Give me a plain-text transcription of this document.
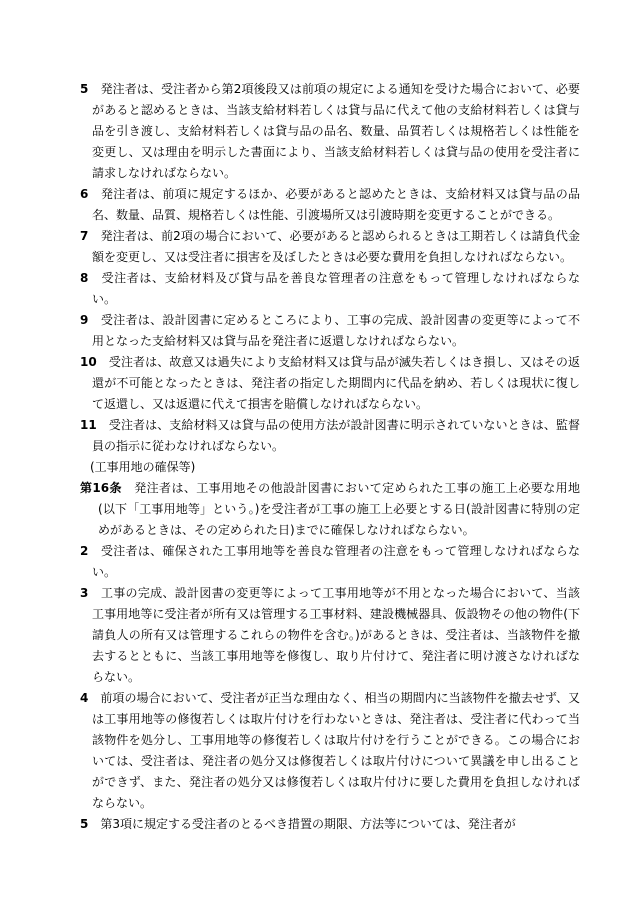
5　発注者は、受注者から第2項後段又は前項の規定による通知を受けた場合において、必要があると認めるときは、当該支給材料若しくは貸与品に代えて他の支給材料若しくは貸与品を引き渡し、支給材料若しくは貸与品の品名、数量、品質若しくは規格若しくは性能を変更し、又は理由を明示した書面により、当該支給材料若しくは貸与品の使用を受注者に請求しなければならない。

6　発注者は、前項に規定するほか、必要があると認めたときは、支給材料又は貸与品の品名、数量、品質、規格若しくは性能、引渡場所又は引渡時期を変更することができる。

7　発注者は、前2項の場合において、必要があると認められるときは工期若しくは請負代金額を変更し、又は受注者に損害を及ぼしたときは必要な費用を負担しなければならない。

8　受注者は、支給材料及び貸与品を善良な管理者の注意をもって管理しなければならない。

9　受注者は、設計図書に定めるところにより、工事の完成、設計図書の変更等によって不用となった支給材料又は貸与品を発注者に返還しなければならない。

10　受注者は、故意又は過失により支給材料又は貸与品が滅失若しくはき損し、又はその返還が不可能となったときは、発注者の指定した期間内に代品を納め、若しくは現状に復して返還し、又は返還に代えて損害を賠償しなければならない。

11　受注者は、支給材料又は貸与品の使用方法が設計図書に明示されていないときは、監督員の指示に従わなければならない。

(工事用地の確保等)

第16条　発注者は、工事用地その他設計図書において定められた工事の施工上必要な用地(以下「工事用地等」という。)を受注者が工事の施工上必要とする日(設計図書に特別の定めがあるときは、その定められた日)までに確保しなければならない。

2　受注者は、確保された工事用地等を善良な管理者の注意をもって管理しなければならない。

3　工事の完成、設計図書の変更等によって工事用地等が不用となった場合において、当該工事用地等に受注者が所有又は管理する工事材料、建設機械器具、仮設物その他の物件(下請負人の所有又は管理するこれらの物件を含む。)があるときは、受注者は、当該物件を撤去するとともに、当該工事用地等を修復し、取り片付けて、発注者に明け渡さなければならない。

4　前項の場合において、受注者が正当な理由なく、相当の期間内に当該物件を撤去せず、又は工事用地等の修復若しくは取片付けを行わないときは、発注者は、受注者に代わって当該物件を処分し、工事用地等の修復若しくは取片付けを行うことができる。この場合においては、受注者は、発注者の処分又は修復若しくは取片付けについて異議を申し出ることができず、また、発注者の処分又は修復若しくは取片付けに要した費用を負担しなければならない。

5　第3項に規定する受注者のとるべき措置の期限、方法等については、発注者が
